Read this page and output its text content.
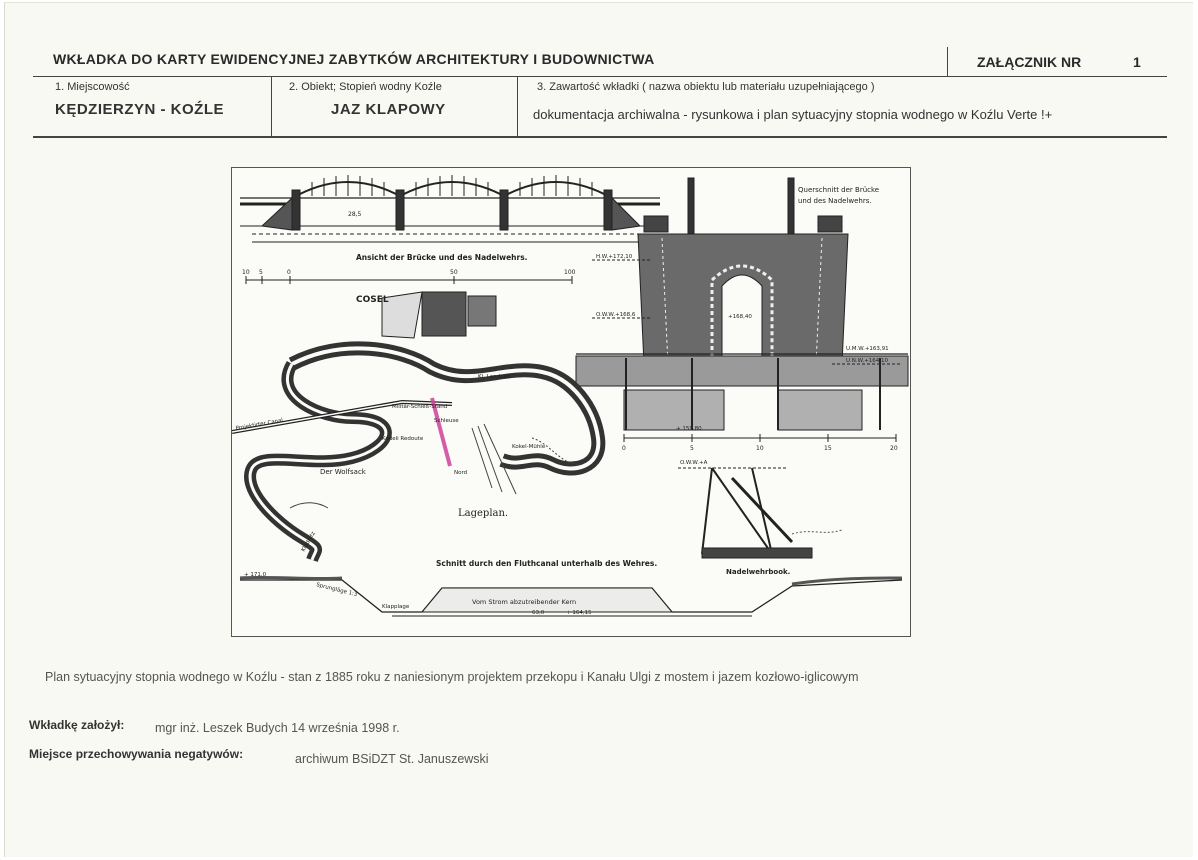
WKŁADKA DO KARTY EWIDENCYJNEJ ZABYTKÓW ARCHITEKTURY I BUDOWNICTWA	ZAŁĄCZNIK NR	1
1. Miejscowość
KĘDZIERZYN - KOŹLE
2. Obiekt; Stopień wodny Koźle
JAZ KLAPOWY
3. Zawartość wkładki ( nazwa obiektu lub materiału uzupełniającego )
dokumentacja archiwalna - rysunkowa i plan sytuacyjny stopnia wodnego w Koźlu Verte !+
28,5
Ansicht der Brücke und des Nadelwehrs.
10 5	0	50	100
Querschnitt der Brücke
und des Nadelwehrs.
H.W.+172,10
O.W.W.+168,6	+168,40
U.M.W.+163,91
U.N.W.+164,10
+ 159,80
0	5	10	15	20
COSEL
Kl. Landpaß
Militär-Schieß-Stand
Kodeli Redoute
Der Wolfsack	Nord
Projektirter Canal	Schleuse
Kokel-Mühle
Klodnitz
Lageplan.
O.W.W.+A
Nadelwehrbook.
Schnitt durch den Fluthcanal unterhalb des Wehres.
Vom Strom abzutreibender Kern
Sprungläge 1:3
+ 171,0
Klapplage
63,0	+ 164,15
Plan sytuacyjny stopnia wodnego w Koźlu - stan z 1885 roku z naniesionym projektem przekopu i Kanału Ulgi z mostem i jazem kozłowo-iglicowym
Wkładkę założył: mgr inż. Leszek Budych 14 września 1998 r.
Miejsce przechowywania negatywów:	archiwum BSiDZT St. Januszewski
